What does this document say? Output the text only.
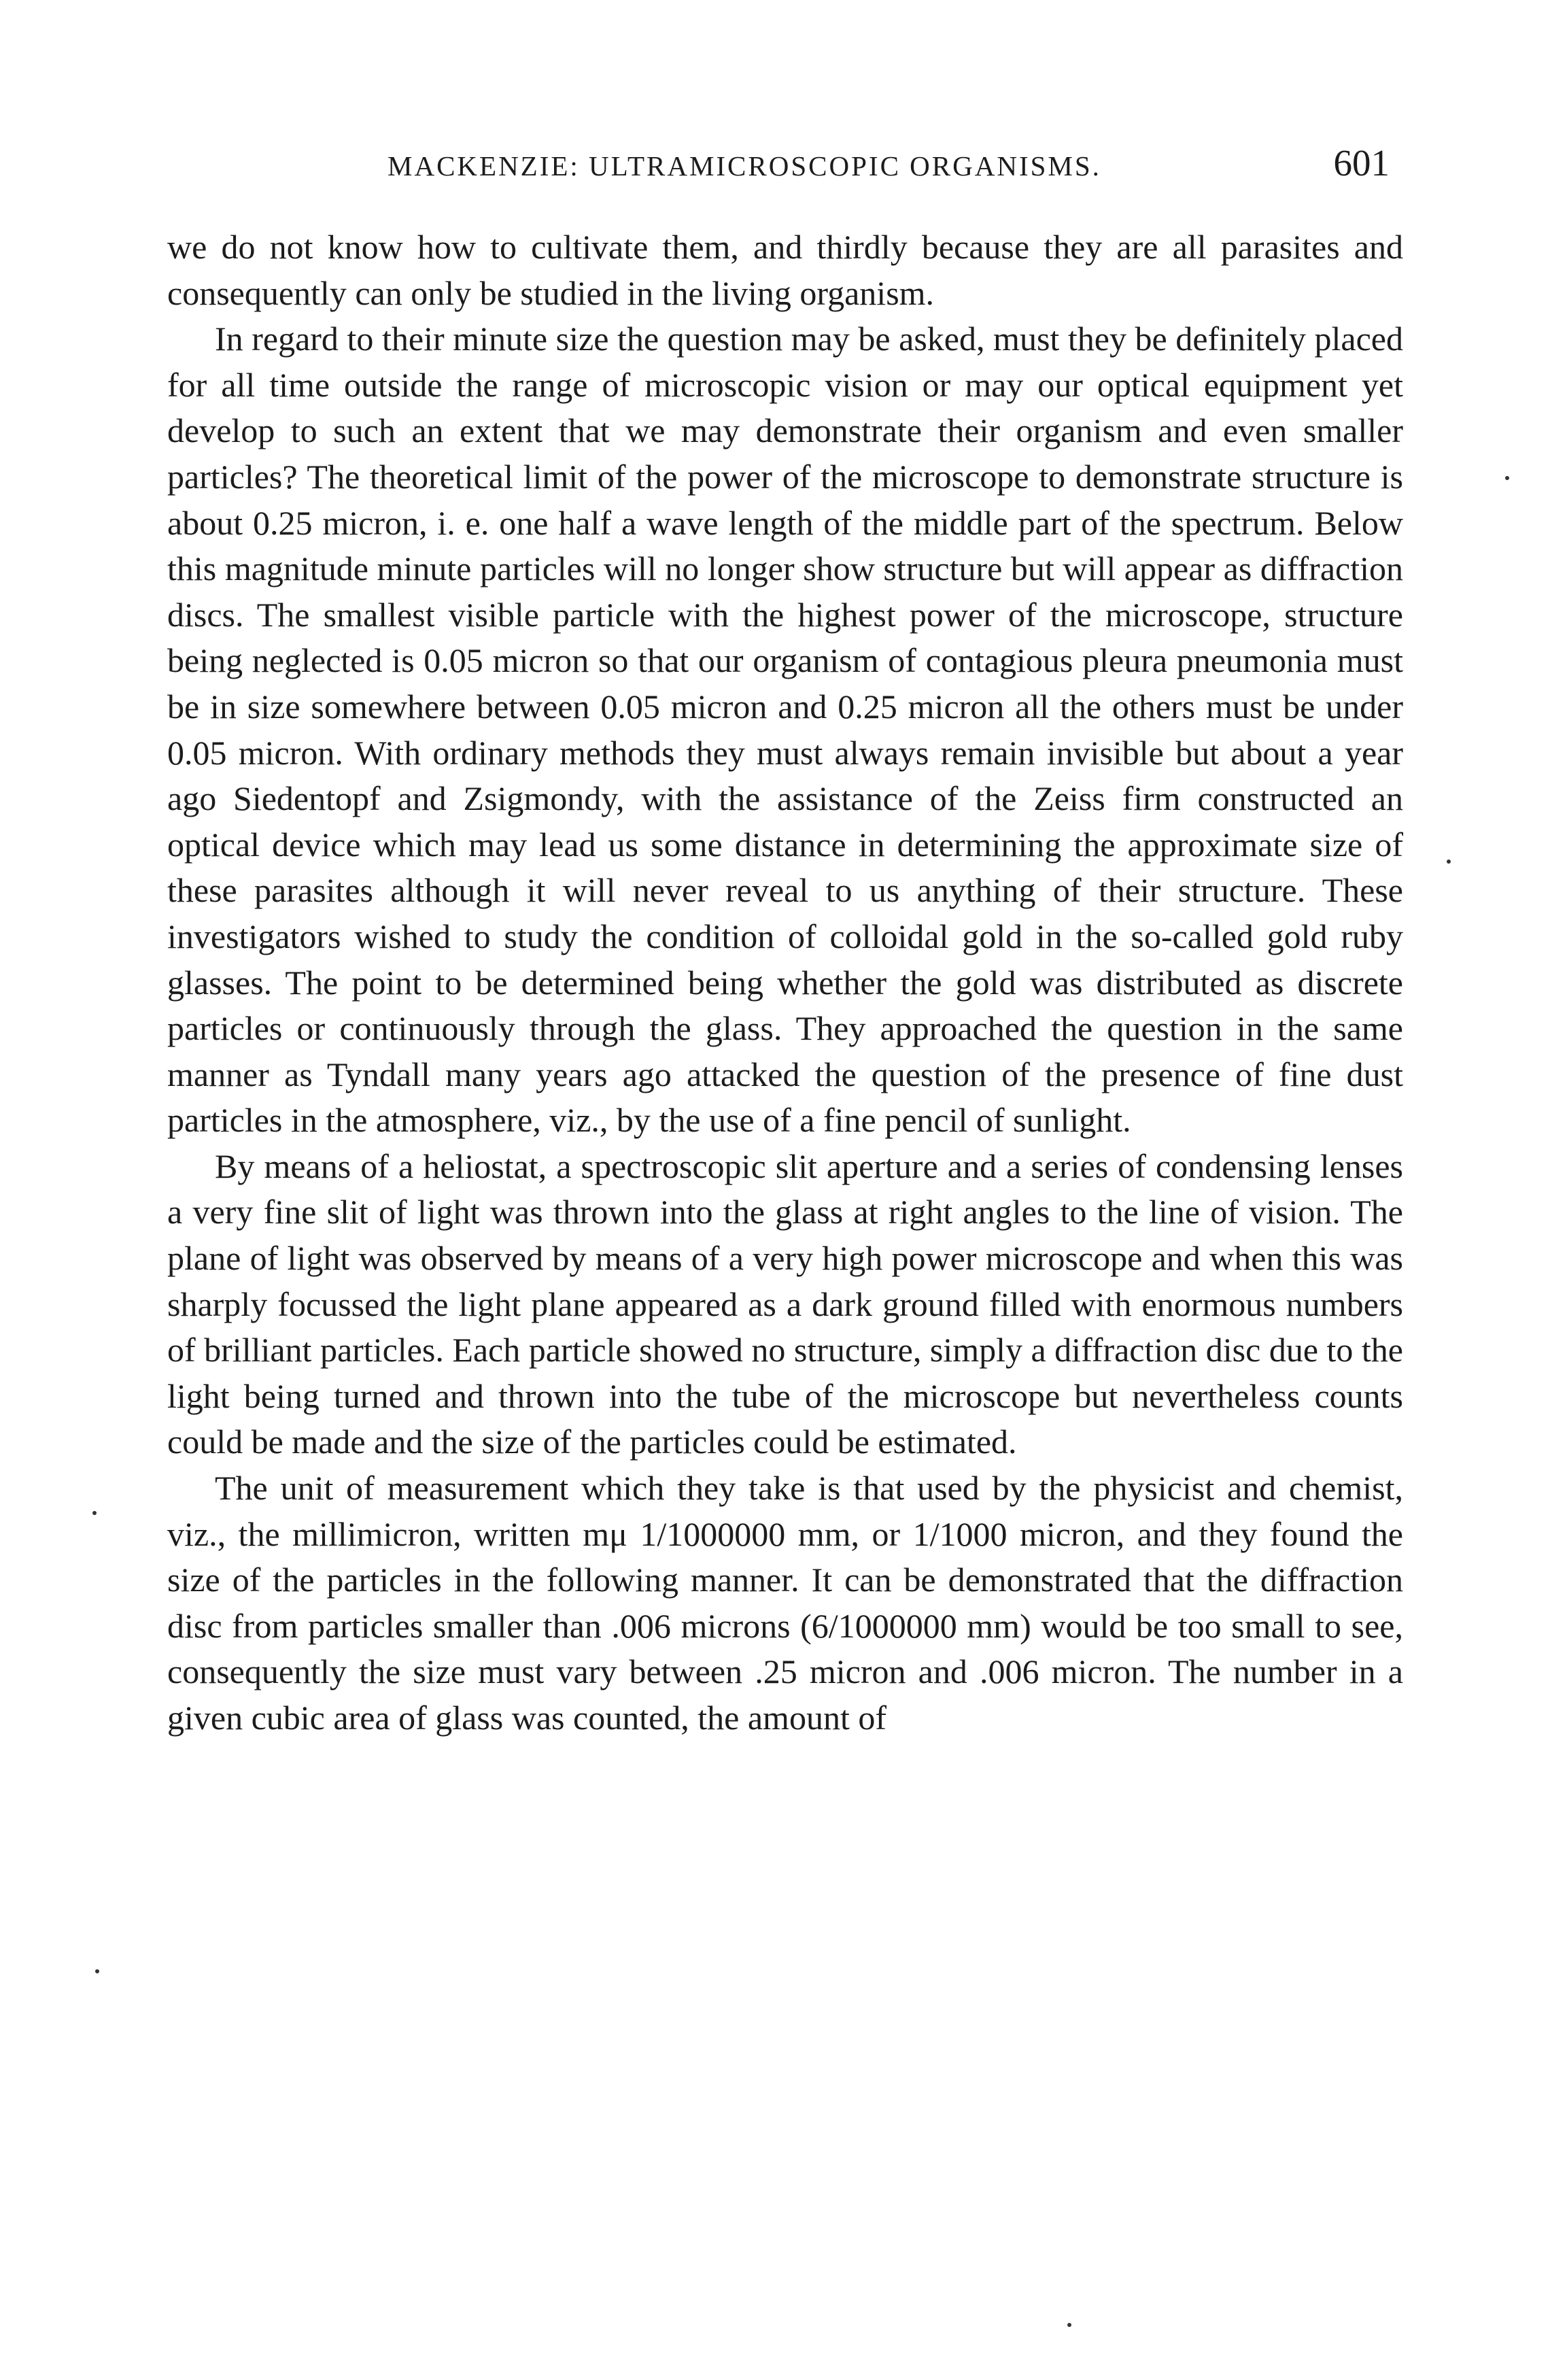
MACKENZIE: ULTRAMICROSCOPIC ORGANISMS.	601

we do not know how to cultivate them, and thirdly because they are all parasites and consequently can only be studied in the living organism.

In regard to their minute size the question may be asked, must they be definitely placed for all time outside the range of microscopic vision or may our optical equipment yet develop to such an extent that we may demonstrate their organism and even smaller particles? The theoretical limit of the power of the microscope to demonstrate structure is about 0.25 micron, i. e. one half a wave length of the middle part of the spectrum. Below this magnitude minute particles will no longer show structure but will appear as diffraction discs. The smallest visible particle with the highest power of the microscope, structure being neglected is 0.05 micron so that our organism of contagious pleura pneumonia must be in size somewhere between 0.05 micron and 0.25 micron all the others must be under 0.05 micron. With ordinary methods they must always remain invisible but about a year ago Siedentopf and Zsigmondy, with the assistance of the Zeiss firm constructed an optical device which may lead us some distance in determining the approximate size of these parasites although it will never reveal to us anything of their structure. These investigators wished to study the condition of colloidal gold in the so-called gold ruby glasses. The point to be determined being whether the gold was distributed as discrete particles or continuously through the glass. They approached the question in the same manner as Tyndall many years ago attacked the question of the presence of fine dust particles in the atmosphere, viz., by the use of a fine pencil of sunlight.

By means of a heliostat, a spectroscopic slit aperture and a series of condensing lenses a very fine slit of light was thrown into the glass at right angles to the line of vision. The plane of light was observed by means of a very high power microscope and when this was sharply focussed the light plane appeared as a dark ground filled with enormous numbers of brilliant particles. Each particle showed no structure, simply a diffraction disc due to the light being turned and thrown into the tube of the microscope but nevertheless counts could be made and the size of the particles could be estimated.

The unit of measurement which they take is that used by the physicist and chemist, viz., the millimicron, written mμ 1/1000000 mm, or 1/1000 micron, and they found the size of the particles in the following manner. It can be demonstrated that the diffraction disc from particles smaller than .006 microns (6/1000000 mm) would be too small to see, consequently the size must vary between .25 micron and .006 micron. The number in a given cubic area of glass was counted, the amount of
